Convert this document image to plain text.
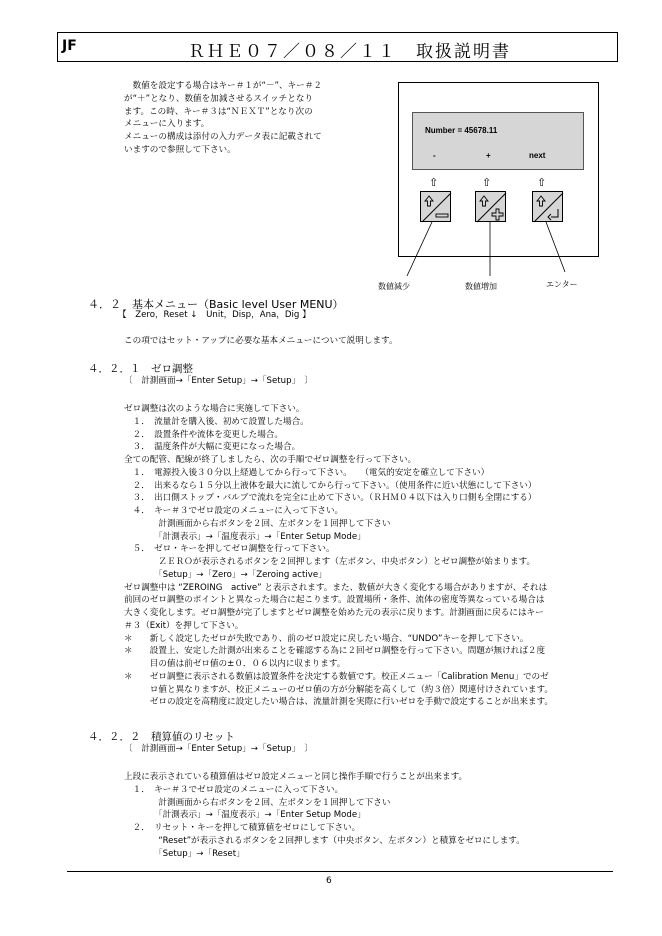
JF	ＲＨＥ０７／０８／１１　取扱説明書
　数値を設定する場合はキー＃１が“－”、キー＃２
が“＋”となり、数値を加減させるスイッチとなり
ます。この時、キー＃３は“ＮＥＸＴ”となり次の
メニューに入ります。
メニューの構成は添付の入力データ表に記載されて
いますので参照して下さい。
Number = 45678.11
-	+	next
⇧	⇧	⇧
数値減少	数値増加	エンター
４．２　基本メニュー（Basic level User MENU）
【　Zero，Reset ↓　Unit，Disp，Ana，Dig 】
この項ではセット・アップに必要な基本メニューについて説明します。
４．２．１　ゼロ調整
〔　計測画面→「Enter Setup」→「Setup」　〕
ゼロ調整は次のような場合に実施して下さい。
　１．　流量計を購入後、初めて設置した場合。
　２．　設置条件や流体を変更した場合。
　３．　温度条件が大幅に変更になった場合。
全ての配管、配線が終了しましたら、次の手順でゼロ調整を行って下さい。
　１．　電源投入後３０分以上経過してから行って下さい。　　（電気的安定を確立して下さい）
　２．　出来るなら１５分以上液体を最大に流してから行って下さい。（使用条件に近い状態にして下さい）
　３．　出口側ストップ・バルブで流れを完全に止めて下さい。（ＲＨＭ０４以下は入り口側も全閉にする）
　４．　キー＃３でゼロ設定のメニューに入って下さい。
　　　　計測画面から右ボタンを２回、左ボタンを１回押して下さい
　　　　「計測表示」→「温度表示」→「Enter Setup Mode」
　５．　ゼロ・キーを押してゼロ調整を行って下さい。
　　　　ＺＥＲＯが表示されるボタンを２回押します（左ボタン、中央ボタン）とゼロ調整が始まります。
　　　　「Setup」→「Zero」→「Zeroing active」
ゼロ調整中は “ZEROING　active” と表示されます。また、数値が大きく変化する場合がありますが、それは
前回のゼロ調整のポイントと異なった場合に起こります。設置場所・条件、流体の密度等異なっている場合は
大きく変化します。ゼロ調整が完了しますとゼロ調整を始めた元の表示に戻ります。計測画面に戻るにはキー
＃３（Exit）を押して下さい。
＊　　新しく設定したゼロが失敗であり、前のゼロ設定に戻したい場合、“UNDO”キーを押して下さい。
＊　　設置上、安定した計測が出来ることを確認する為に２回ゼロ調整を行って下さい。問題が無ければ２度
　　　目の値は前ゼロ値の±０．０６以内に収まります。
＊　　ゼロ調整に表示される数値は設置条件を決定する数値です。校正メニュー「Calibration Menu」でのゼ
　　　ロ値と異なりますが、校正メニューのゼロ値の方が分解能を高くして（約３倍）関連付けされています。
　　　ゼロの設定を高精度に設定したい場合は、流量計測を実際に行いゼロを手動で設定することが出来ます。
４．２．２　積算値のリセット
〔　計測画面→「Enter Setup」→「Setup」　〕
上段に表示されている積算値はゼロ設定メニューと同じ操作手順で行うことが出来ます。
　１．　キー＃３でゼロ設定のメニューに入って下さい。
　　　　計測画面から右ボタンを２回、左ボタンを１回押して下さい
　　　　「計測表示」→「温度表示」→「Enter Setup Mode」
　２．　リセット・キーを押して積算値をゼロにして下さい。
　　　　“Reset”が表示されるボタンを２回押します（中央ボタン、左ボタン）と積算をゼロにします。
　　　　「Setup」→「Reset」
6
